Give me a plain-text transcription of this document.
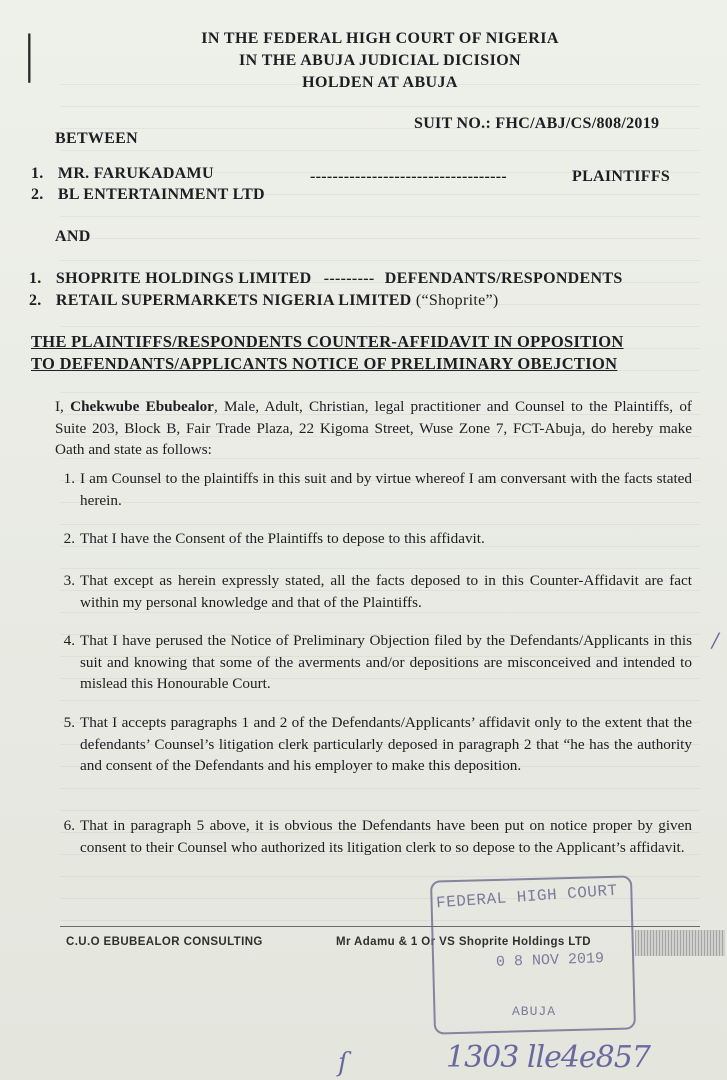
|	IN THE FEDERAL HIGH COURT OF NIGERIA
IN THE ABUJA JUDICIAL DICISION
HOLDEN AT ABUJA
SUIT NO.: FHC/ABJ/CS/808/2019
BETWEEN
1. MR. FARUKADAMU	-----------------------------------	PLAINTIFFS
2. BL ENTERTAINMENT LTD
AND
1. SHOPRITE HOLDINGS LIMITED --------- DEFENDANTS/RESPONDENTS
2. RETAIL SUPERMARKETS NIGERIA LIMITED (“Shoprite”)
THE PLAINTIFFS/RESPONDENTS COUNTER-AFFIDAVIT IN OPPOSITION
TO DEFENDANTS/APPLICANTS NOTICE OF PRELIMINARY OBEJCTION
I, Chekwube Ebubealor, Male, Adult, Christian, legal practitioner and Counsel to the Plaintiffs, of Suite 203, Block B, Fair Trade Plaza, 22 Kigoma Street, Wuse Zone 7, FCT-Abuja, do hereby make Oath and state as follows:
1. I am Counsel to the plaintiffs in this suit and by virtue whereof I am conversant with the facts stated herein.
2. That I have the Consent of the Plaintiffs to depose to this affidavit.
3. That except as herein expressly stated, all the facts deposed to in this Counter-Affidavit are fact within my personal knowledge and that of the Plaintiffs.
4. That I have perused the Notice of Preliminary Objection filed by the Defendants/Applicants in this suit and knowing that some of the averments and/or depositions are misconceived and intended to mislead this Honourable Court.
5. That I accepts paragraphs 1 and 2 of the Defendants/Applicants’ affidavit only to the extent that the defendants’ Counsel’s litigation clerk particularly deposed in paragraph 2 that “he has the authority and consent of the Defendants and his employer to make this deposition.
6. That in paragraph 5 above, it is obvious the Defendants have been put on notice proper by given consent to their Counsel who authorized its litigation clerk to so depose to the Applicant’s affidavit.
C.U.O EBUBEALOR CONSULTING	Mr Adamu & 1 Or VS Shoprite Holdings LTD
FEDERAL HIGH COURT
0 8 NOV 2019
ABUJA
/
ſ	1303 lle4e857
